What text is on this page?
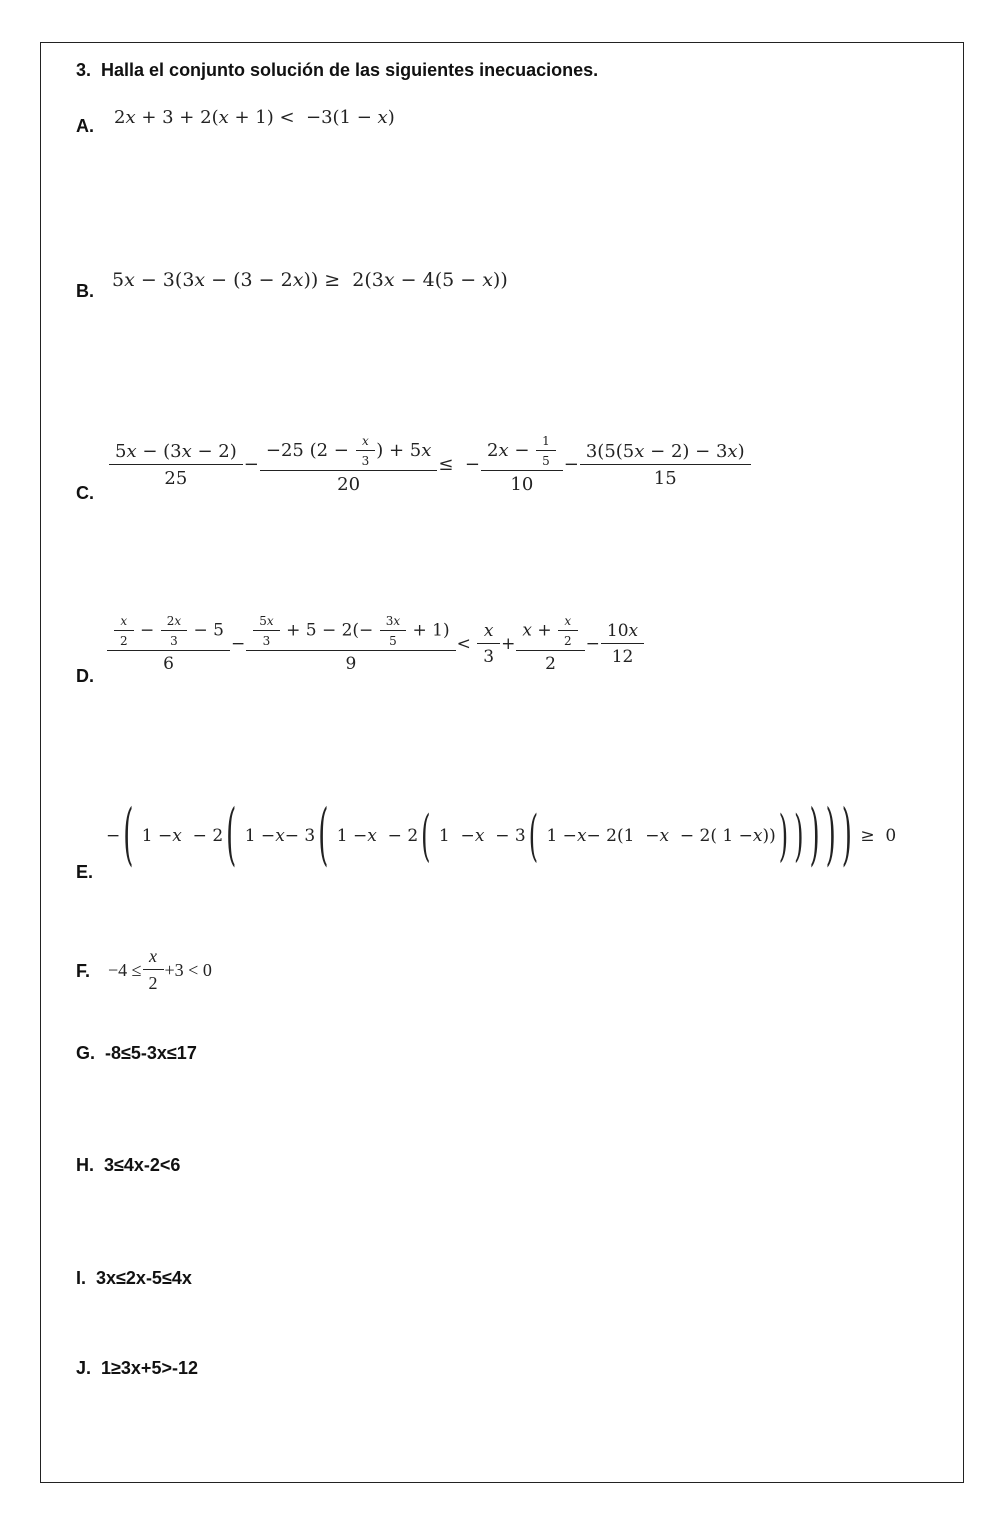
3. Halla el conjunto solución de las siguientes inecuaciones.
A. 2 x + 3 + 2( x + 1) <  −3(1 − x )
B. 5 x − 3(3 x − (3 − 2 x )) ≥  2(3 x − 4(5 − x ))
C.
$\frac{5x - (3x - 2)}{25} - \frac{-25 (2 - \frac{x}{3} ) + 5x}{20}$ ≤  − $\frac{2x - \frac{1}{5}}{10} - \frac{3(5(5x - 2) - 3x)}{15}$
D.
$\frac{\frac{x}{2} - \frac{2x}{3} - 5}{6} - \frac{\frac{5x}{3} + 5 - 2(- \frac{3x}{5} + 1)}{9} < \frac{x}{3} + \frac{x + \frac{x}{2}}{2} - \frac{10x}{12}$
E.
− ( 1 − x − 2 ( 1 − x − 3 ( 1 − x − 2 ( 1  − x − 3 ( 1 − x − 2(1  − x − 2( 1 − x )) ) ) ) ) ) ≥  0
F. $-4 \le \frac{x}{2} +3 < 0$
G. -8≤5-3x≤17
H. 3≤4x-2<6
I. 3x≤2x-5≤4x
J. 1≥3x+5>-12
